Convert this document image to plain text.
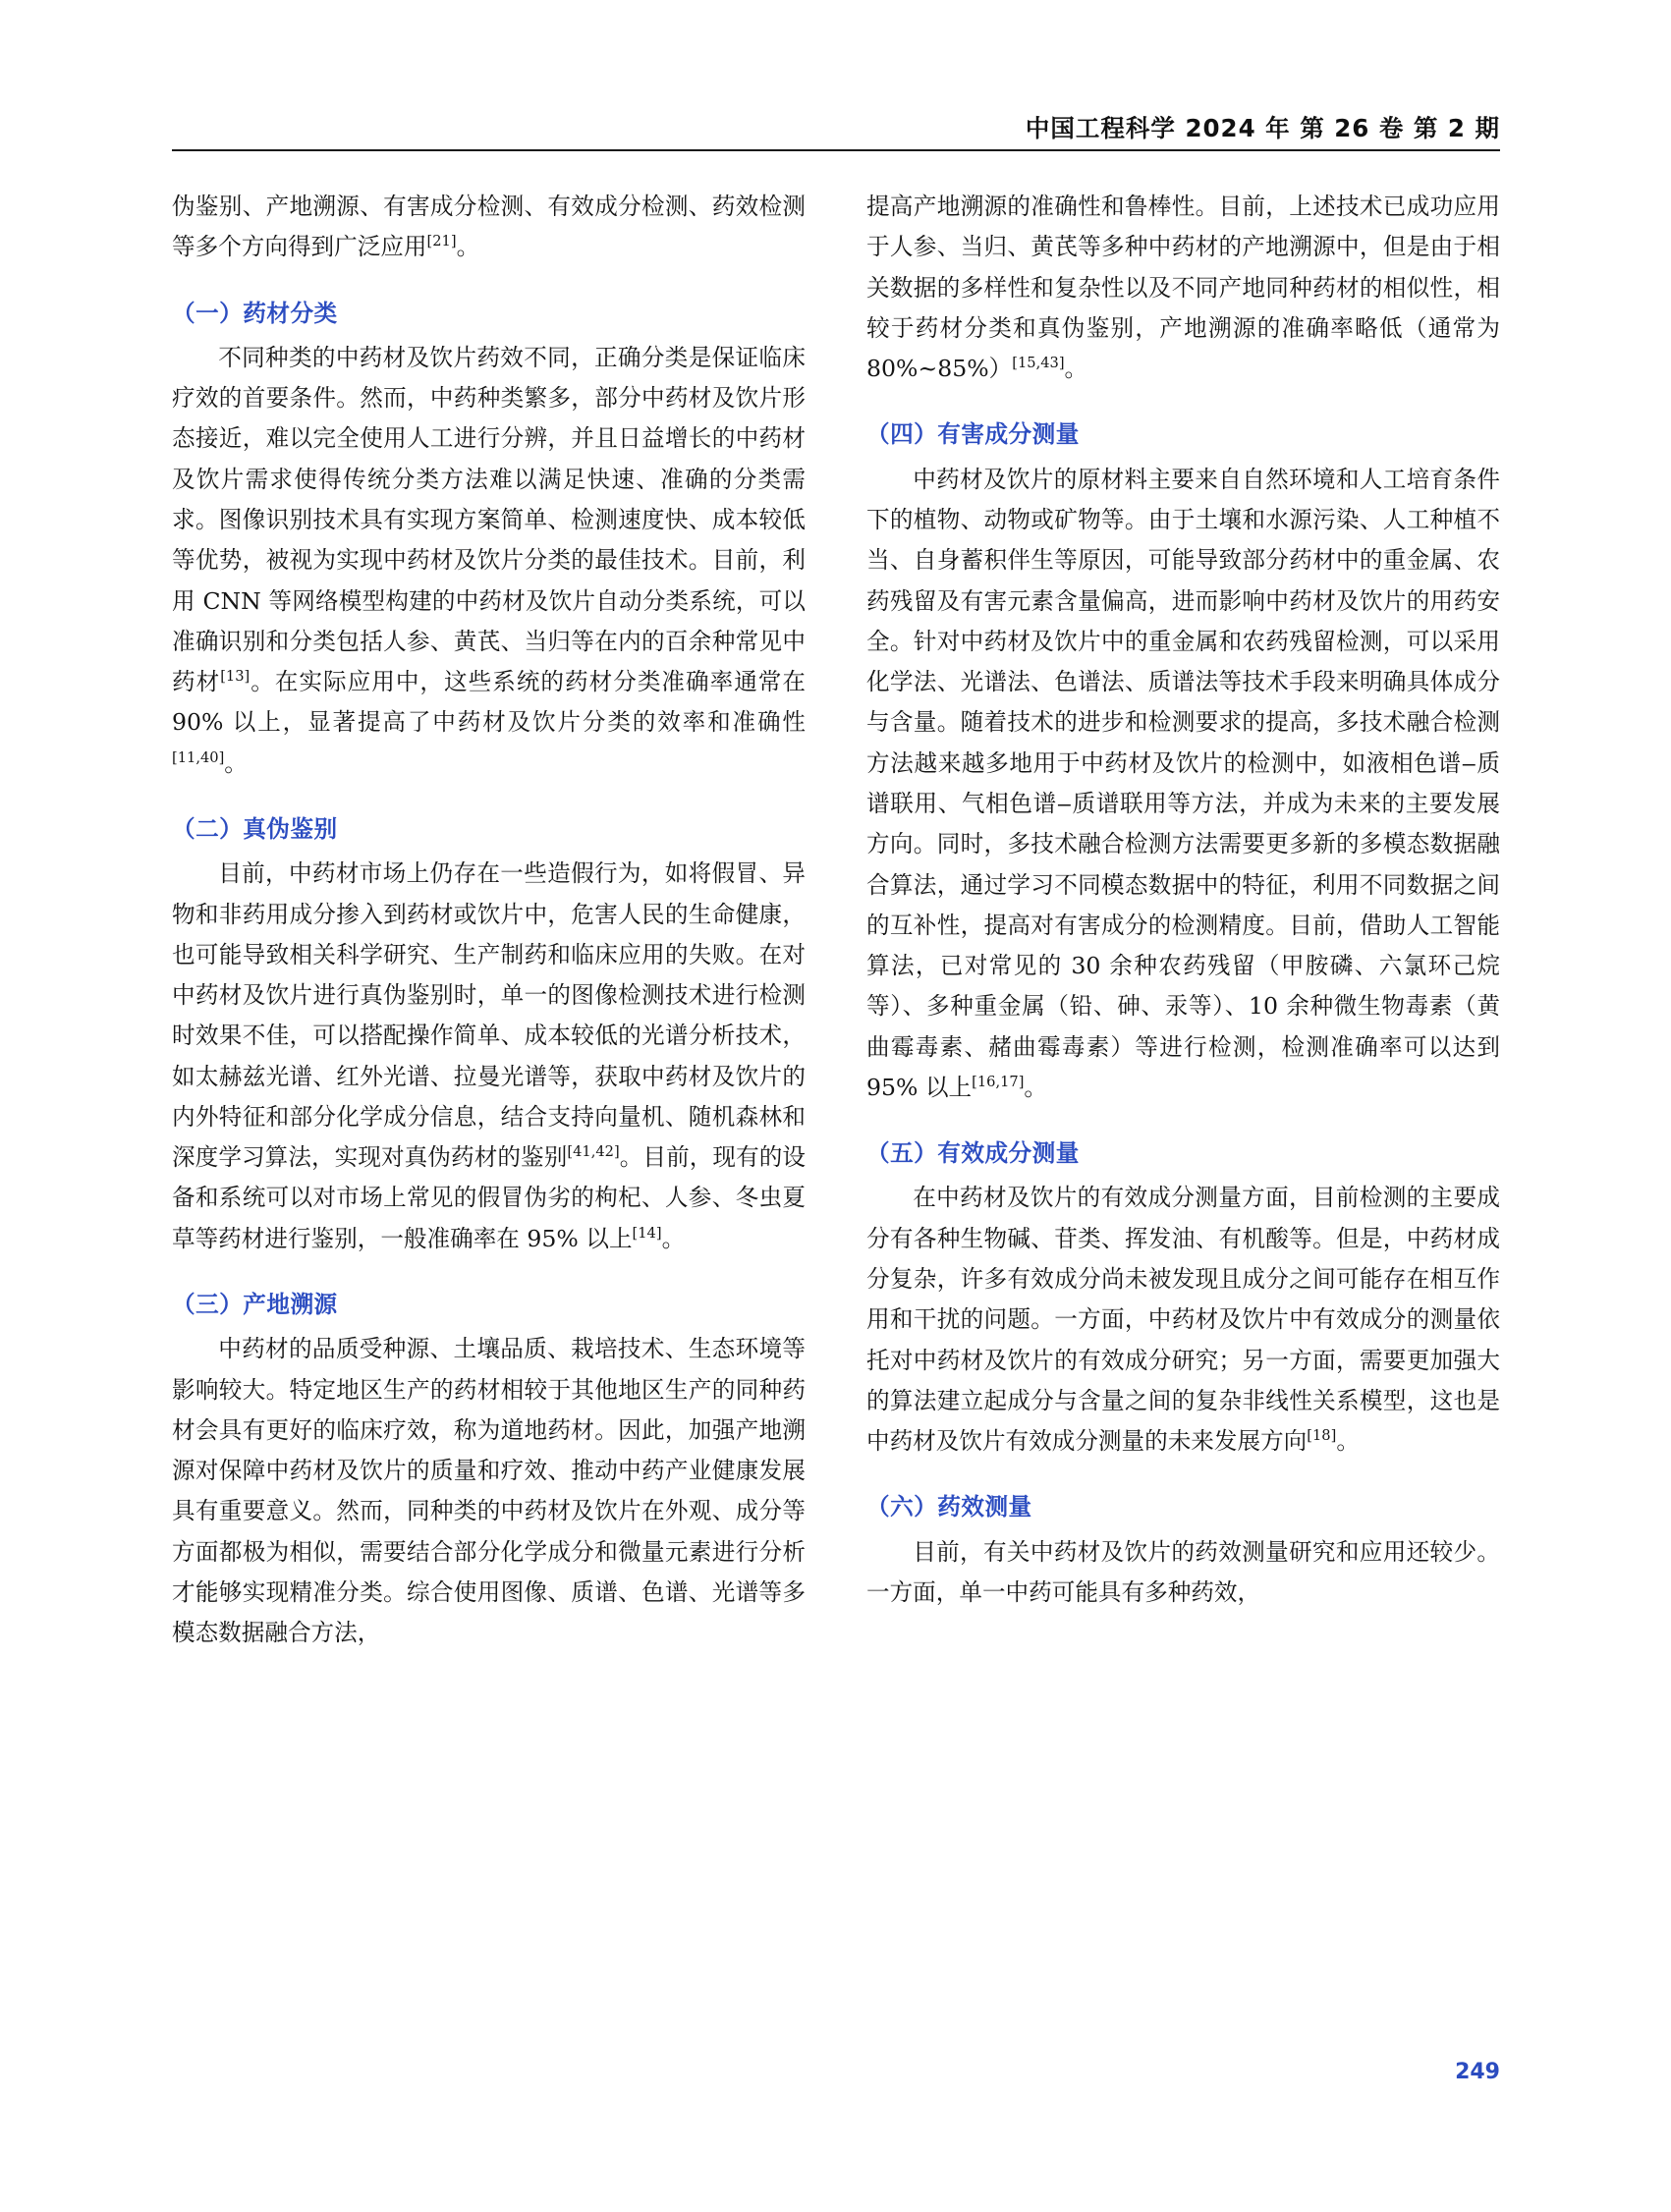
中国工程科学 2024 年 第 26 卷 第 2 期

伪鉴别、产地溯源、有害成分检测、有效成分检测、药效检测等多个方向得到广泛应用[21]。

（一）药材分类

不同种类的中药材及饮片药效不同，正确分类是保证临床疗效的首要条件。然而，中药种类繁多，部分中药材及饮片形态接近，难以完全使用人工进行分辨，并且日益增长的中药材及饮片需求使得传统分类方法难以满足快速、准确的分类需求。图像识别技术具有实现方案简单、检测速度快、成本较低等优势，被视为实现中药材及饮片分类的最佳技术。目前，利用 CNN 等网络模型构建的中药材及饮片自动分类系统，可以准确识别和分类包括人参、黄芪、当归等在内的百余种常见中药材[13]。在实际应用中，这些系统的药材分类准确率通常在 90% 以上，显著提高了中药材及饮片分类的效率和准确性[11,40]。

（二）真伪鉴别

目前，中药材市场上仍存在一些造假行为，如将假冒、异物和非药用成分掺入到药材或饮片中，危害人民的生命健康，也可能导致相关科学研究、生产制药和临床应用的失败。在对中药材及饮片进行真伪鉴别时，单一的图像检测技术进行检测时效果不佳，可以搭配操作简单、成本较低的光谱分析技术，如太赫兹光谱、红外光谱、拉曼光谱等，获取中药材及饮片的内外特征和部分化学成分信息，结合支持向量机、随机森林和深度学习算法，实现对真伪药材的鉴别[41,42]。目前，现有的设备和系统可以对市场上常见的假冒伪劣的枸杞、人参、冬虫夏草等药材进行鉴别，一般准确率在 95% 以上[14]。

（三）产地溯源

中药材的品质受种源、土壤品质、栽培技术、生态环境等影响较大。特定地区生产的药材相较于其他地区生产的同种药材会具有更好的临床疗效，称为道地药材。因此，加强产地溯源对保障中药材及饮片的质量和疗效、推动中药产业健康发展具有重要意义。然而，同种类的中药材及饮片在外观、成分等方面都极为相似，需要结合部分化学成分和微量元素进行分析才能够实现精准分类。综合使用图像、质谱、色谱、光谱等多模态数据融合方法，

提高产地溯源的准确性和鲁棒性。目前，上述技术已成功应用于人参、当归、黄芪等多种中药材的产地溯源中，但是由于相关数据的多样性和复杂性以及不同产地同种药材的相似性，相较于药材分类和真伪鉴别，产地溯源的准确率略低（通常为 80%~85%）[15,43]。

（四）有害成分测量

中药材及饮片的原材料主要来自自然环境和人工培育条件下的植物、动物或矿物等。由于土壤和水源污染、人工种植不当、自身蓄积伴生等原因，可能导致部分药材中的重金属、农药残留及有害元素含量偏高，进而影响中药材及饮片的用药安全。针对中药材及饮片中的重金属和农药残留检测，可以采用化学法、光谱法、色谱法、质谱法等技术手段来明确具体成分与含量。随着技术的进步和检测要求的提高，多技术融合检测方法越来越多地用于中药材及饮片的检测中，如液相色谱‒质谱联用、气相色谱‒质谱联用等方法，并成为未来的主要发展方向。同时，多技术融合检测方法需要更多新的多模态数据融合算法，通过学习不同模态数据中的特征，利用不同数据之间的互补性，提高对有害成分的检测精度。目前，借助人工智能算法，已对常见的 30 余种农药残留（甲胺磷、六氯环己烷等）、多种重金属（铅、砷、汞等）、10 余种微生物毒素（黄曲霉毒素、赭曲霉毒素）等进行检测，检测准确率可以达到 95% 以上[16,17]。

（五）有效成分测量

在中药材及饮片的有效成分测量方面，目前检测的主要成分有各种生物碱、苷类、挥发油、有机酸等。但是，中药材成分复杂，许多有效成分尚未被发现且成分之间可能存在相互作用和干扰的问题。一方面，中药材及饮片中有效成分的测量依托对中药材及饮片的有效成分研究；另一方面，需要更加强大的算法建立起成分与含量之间的复杂非线性关系模型，这也是中药材及饮片有效成分测量的未来发展方向[18]。

（六）药效测量

目前，有关中药材及饮片的药效测量研究和应用还较少。一方面，单一中药可能具有多种药效，

249
